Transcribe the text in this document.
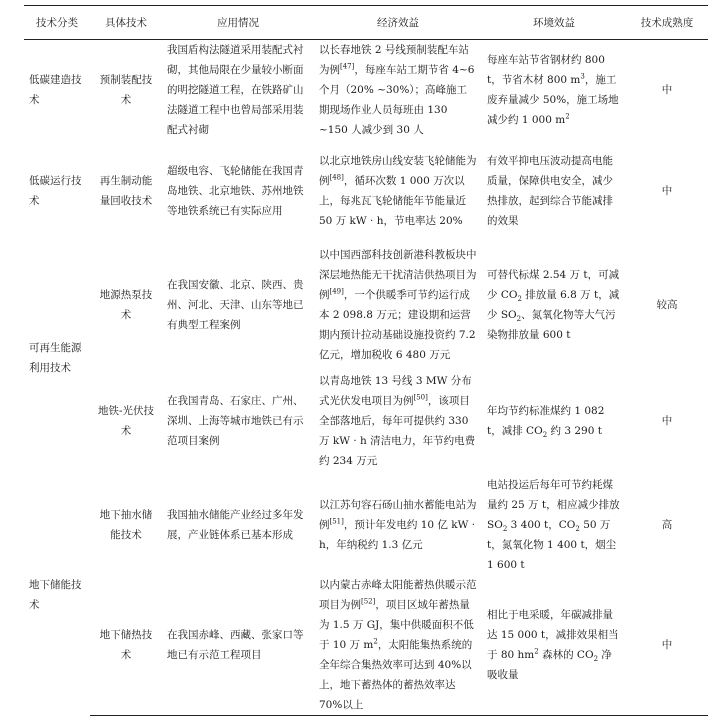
技术分类	具体技术	应用情况	经济效益	环境效益	技术成熟度
低碳建造技术	预制装配技术	我国盾构法隧道采用装配式衬砌，其他局限在少量较小断面的明挖隧道工程，在铁路矿山法隧道工程中也曾局部采用装配式衬砌	以长春地铁 2 号线预制装配车站为例[47]，每座车站工期节省 4~6 个月（20% ~30%）；高峰施工期现场作业人员每班由 130 ~150 人减少到 30 人	每座车站节省钢材约 800 t，节省木材 800 $m^3$，施工废弃量减少 50%，施工场地减少约 1 000 $m^2$	中
低碳运行技术	再生制动能量回收技术	超级电容、飞轮储能在我国青岛地铁、北京地铁、苏州地铁等地铁系统已有实际应用	以北京地铁房山线安装飞轮储能为例[48]，循环次数 1 000 万次以上，每兆瓦飞轮储能年节能量近 50 万 kW · h，节电率达 20%	有效平抑电压波动提高电能质量，保障供电安全，减少热排放，起到综合节能减排的效果	中
可再生能源利用技术	地源热泵技术	在我国安徽、北京、陕西、贵州、河北、天津、山东等地已有典型工程案例	以中国西部科技创新港科教板块中深层地热能无干扰清洁供热项目为例[49]，一个供暖季可节约运行成本 2 098.8 万元；建设期和运营期内预计拉动基础设施投资约 7.2 亿元，增加税收 6 480 万元	可替代标煤 2.54 万 t，可减少 $CO_2$ 排放量 6.8 万 t，减少 $SO_2$、氮氧化物等大气污染物排放量 600 t	较高
	地铁-光伏技术	在我国青岛、石家庄、广州、深圳、上海等城市地铁已有示范项目案例	以青岛地铁 13 号线 3 MW 分布式光伏发电项目为例[50]，该项目全部落地后，每年可提供约 330 万 kW · h 清洁电力，年节约电费约 234 万元	年均节约标准煤约 1 082 t，减排 $CO_2$ 约 3 290 t	中
地下储能技术	地下抽水储能技术	我国抽水储能产业经过多年发展，产业链体系已基本形成	以江苏句容石砀山抽水蓄能电站为例[51]，预计年发电约 10 亿 kW · h，年纳税约 1.3 亿元	电站投运后每年可节约耗煤量约 25 万 t，相应减少排放 $SO_2$ 3 400 t，$CO_2$ 50 万 t，氮氧化物 1 400 t，烟尘 1 600 t	高
	地下储热技术	在我国赤峰、西藏、张家口等地已有示范工程项目	以内蒙古赤峰太阳能蓄热供暖示范项目为例[52]，项目区域年蓄热量为 1.5 万 GJ，集中供暖面积不低于 10 万 $m^2$，太阳能集热系统的全年综合集热效率可达到 40%以上，地下蓄热体的蓄热效率达 70%以上	相比于电采暖，年碳减排量达 15 000 t，减排效果相当于 80 $hm^2$ 森林的 $CO_2$ 净吸收量	中
